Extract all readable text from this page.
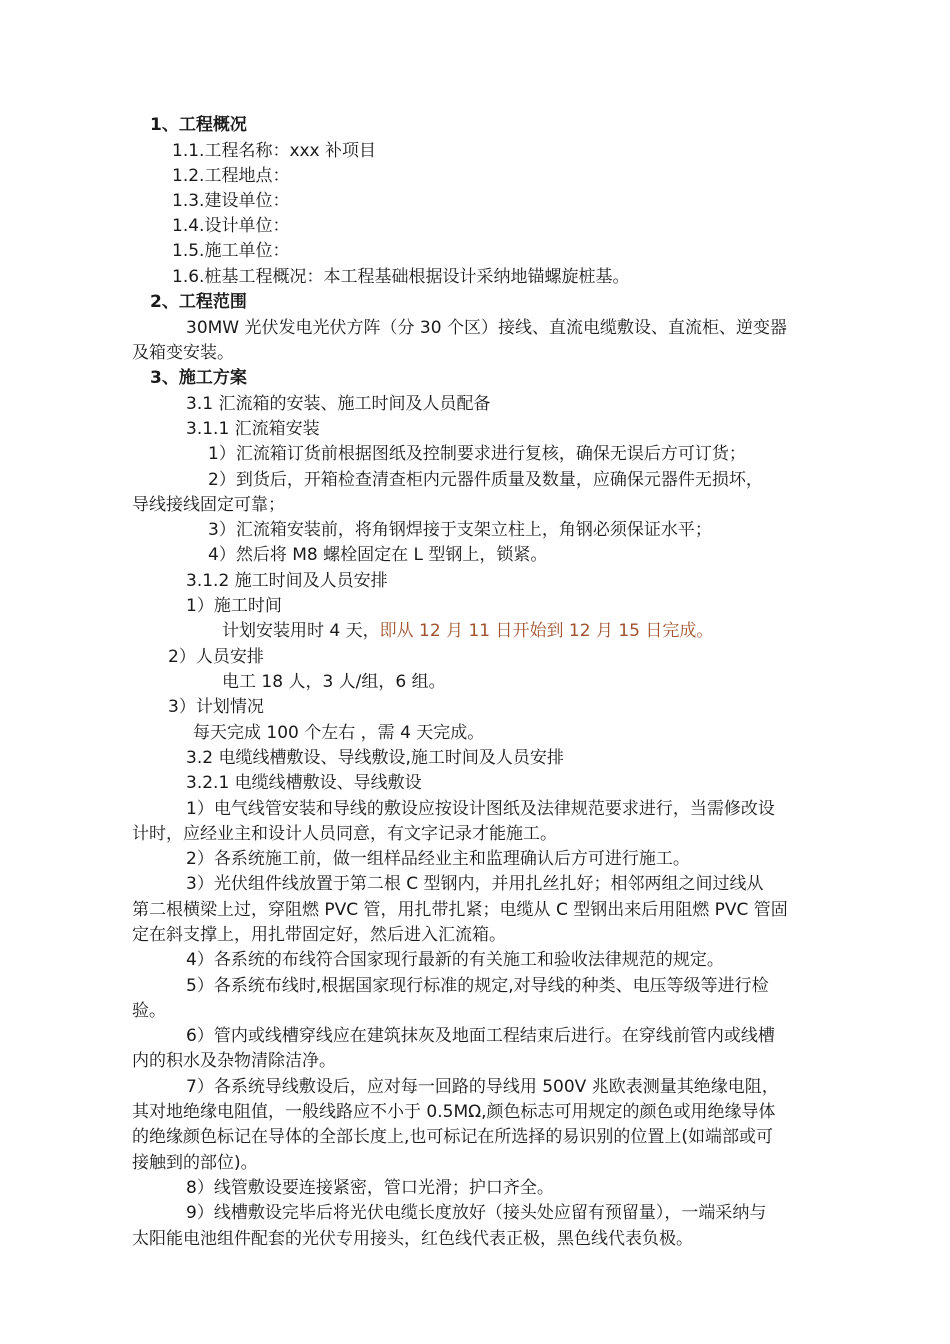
1、工程概况
1.1.工程名称：xxx 补项目
1.2.工程地点：
1.3.建设单位：
1.4.设计单位：
1.5.施工单位：
1.6.桩基工程概况：本工程基础根据设计采纳地锚螺旋桩基。
2、工程范围
30MW 光伏发电光伏方阵（分 30 个区）接线、直流电缆敷设、直流柜、逆变器
及箱变安装。
3、施工方案
3.1 汇流箱的安装、施工时间及人员配备
3.1.1 汇流箱安装
1）汇流箱订货前根据图纸及控制要求进行复核，确保无误后方可订货；
2）到货后，开箱检查清查柜内元器件质量及数量，应确保元器件无损坏，
导线接线固定可靠；
3）汇流箱安装前，将角钢焊接于支架立柱上，角钢必须保证水平；
4）然后将 M8 螺栓固定在 L 型钢上，锁紧。
3.1.2 施工时间及人员安排
1）施工时间
计划安装用时 4 天，即从 12 月 11 日开始到 12 月 15 日完成。
2）人员安排
电工 18 人，3 人/组，6 组。
3）计划情况
每天完成 100 个左右 ，需 4 天完成。
3.2 电缆线槽敷设、导线敷设,施工时间及人员安排
3.2.1 电缆线槽敷设、导线敷设
1）电气线管安装和导线的敷设应按设计图纸及法律规范要求进行，当需修改设
计时，应经业主和设计人员同意，有文字记录才能施工。
2）各系统施工前，做一组样品经业主和监理确认后方可进行施工。
3）光伏组件线放置于第二根 C 型钢内，并用扎丝扎好；相邻两组之间过线从
第二根横梁上过，穿阻燃 PVC 管，用扎带扎紧；电缆从 C 型钢出来后用阻燃 PVC 管固
定在斜支撑上，用扎带固定好，然后进入汇流箱。
4）各系统的布线符合国家现行最新的有关施工和验收法律规范的规定。
5）各系统布线时,根据国家现行标准的规定,对导线的种类、电压等级等进行检
验。
6）管内或线槽穿线应在建筑抹灰及地面工程结束后进行。在穿线前管内或线槽
内的积水及杂物清除洁净。
7）各系统导线敷设后，应对每一回路的导线用 500V 兆欧表测量其绝缘电阻，
其对地绝缘电阻值，一般线路应不小于 0.5MΩ,颜色标志可用规定的颜色或用绝缘导体
的绝缘颜色标记在导体的全部长度上,也可标记在所选择的易识别的位置上(如端部或可
接触到的部位)。
8）线管敷设要连接紧密，管口光滑；护口齐全。
9）线槽敷设完毕后将光伏电缆长度放好（接头处应留有预留量），一端采纳与
太阳能电池组件配套的光伏专用接头，红色线代表正极，黑色线代表负极。
